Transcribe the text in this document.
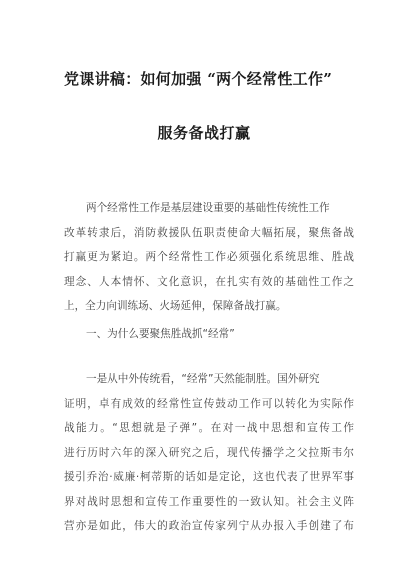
党课讲稿：如何加强 “两个经常性工作”
服务备战打赢
两个经常性工作是基层建设重要的基础性传统性工作
改革转隶后，消防救援队伍职责使命大幅拓展，聚焦备战
打赢更为紧迫。两个经常性工作必须强化系统思维、胜战
理念、人本情怀、文化意识，在扎实有效的基础性工作之
上，全力向训练场、火场延伸，保障备战打赢。
一、为什么要聚焦胜战抓“经常”
一是从中外传统看，“经常”天然能制胜。国外研究
证明，卓有成效的经常性宣传鼓动工作可以转化为实际作
战能力。“思想就是子弹”。在对一战中思想和宣传工作
进行历时六年的深入研究之后，现代传播学之父拉斯韦尔
援引乔治·威廉·柯蒂斯的话如是定论，这也代表了世界军事
界对战时思想和宣传工作重要性的一致认知。社会主义阵
营亦是如此，伟大的政治宣传家列宁从办报入手创建了布
